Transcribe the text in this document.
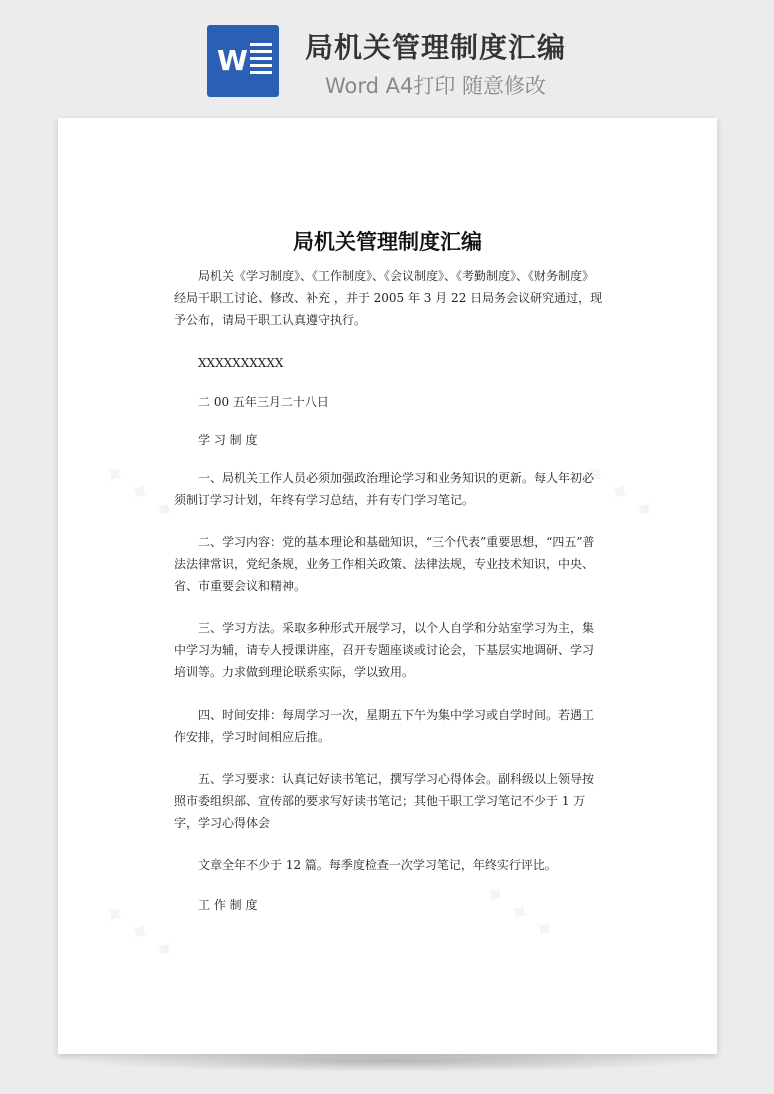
W 局机关管理制度汇编
Word A4打印 随意修改
局机关管理制度汇编

局机关《学习制度》、《工作制度》、《会议制度》、《考勤制度》、《财务制度》经局干职工讨论、修改、补充 ，并于 2005 年 3 月 22 日局务会议研究通过，现予公布，请局干职工认真遵守执行。

XXXXXXXXXX

二 00 五年三月二十八日

学 习 制 度

一、局机关工作人员必须加强政治理论学习和业务知识的更新。每人年初必须制订学习计划，年终有学习总结，并有专门学习笔记。

二、学习内容：党的基本理论和基础知识，“三个代表”重要思想，“四五”普法法律常识，党纪条规，业务工作相关政策、法律法规，专业技术知识，中央、省、市重要会议和精神。

三、学习方法。采取多种形式开展学习，以个人自学和分站室学习为主，集中学习为辅，请专人授课讲座，召开专题座谈或讨论会，下基层实地调研、学习培训等。力求做到理论联系实际，学以致用。

四、时间安排：每周学习一次，星期五下午为集中学习或自学时间。若遇工作安排，学习时间相应后推。

五、学习要求：认真记好读书笔记，撰写学习心得体会。副科级以上领导按照市委组织部、宣传部的要求写好读书笔记；其他干职工学习笔记不少于 1 万字，学习心得体会

文章全年不少于 12 篇。每季度检查一次学习笔记，年终实行评比。

工 作 制 度
